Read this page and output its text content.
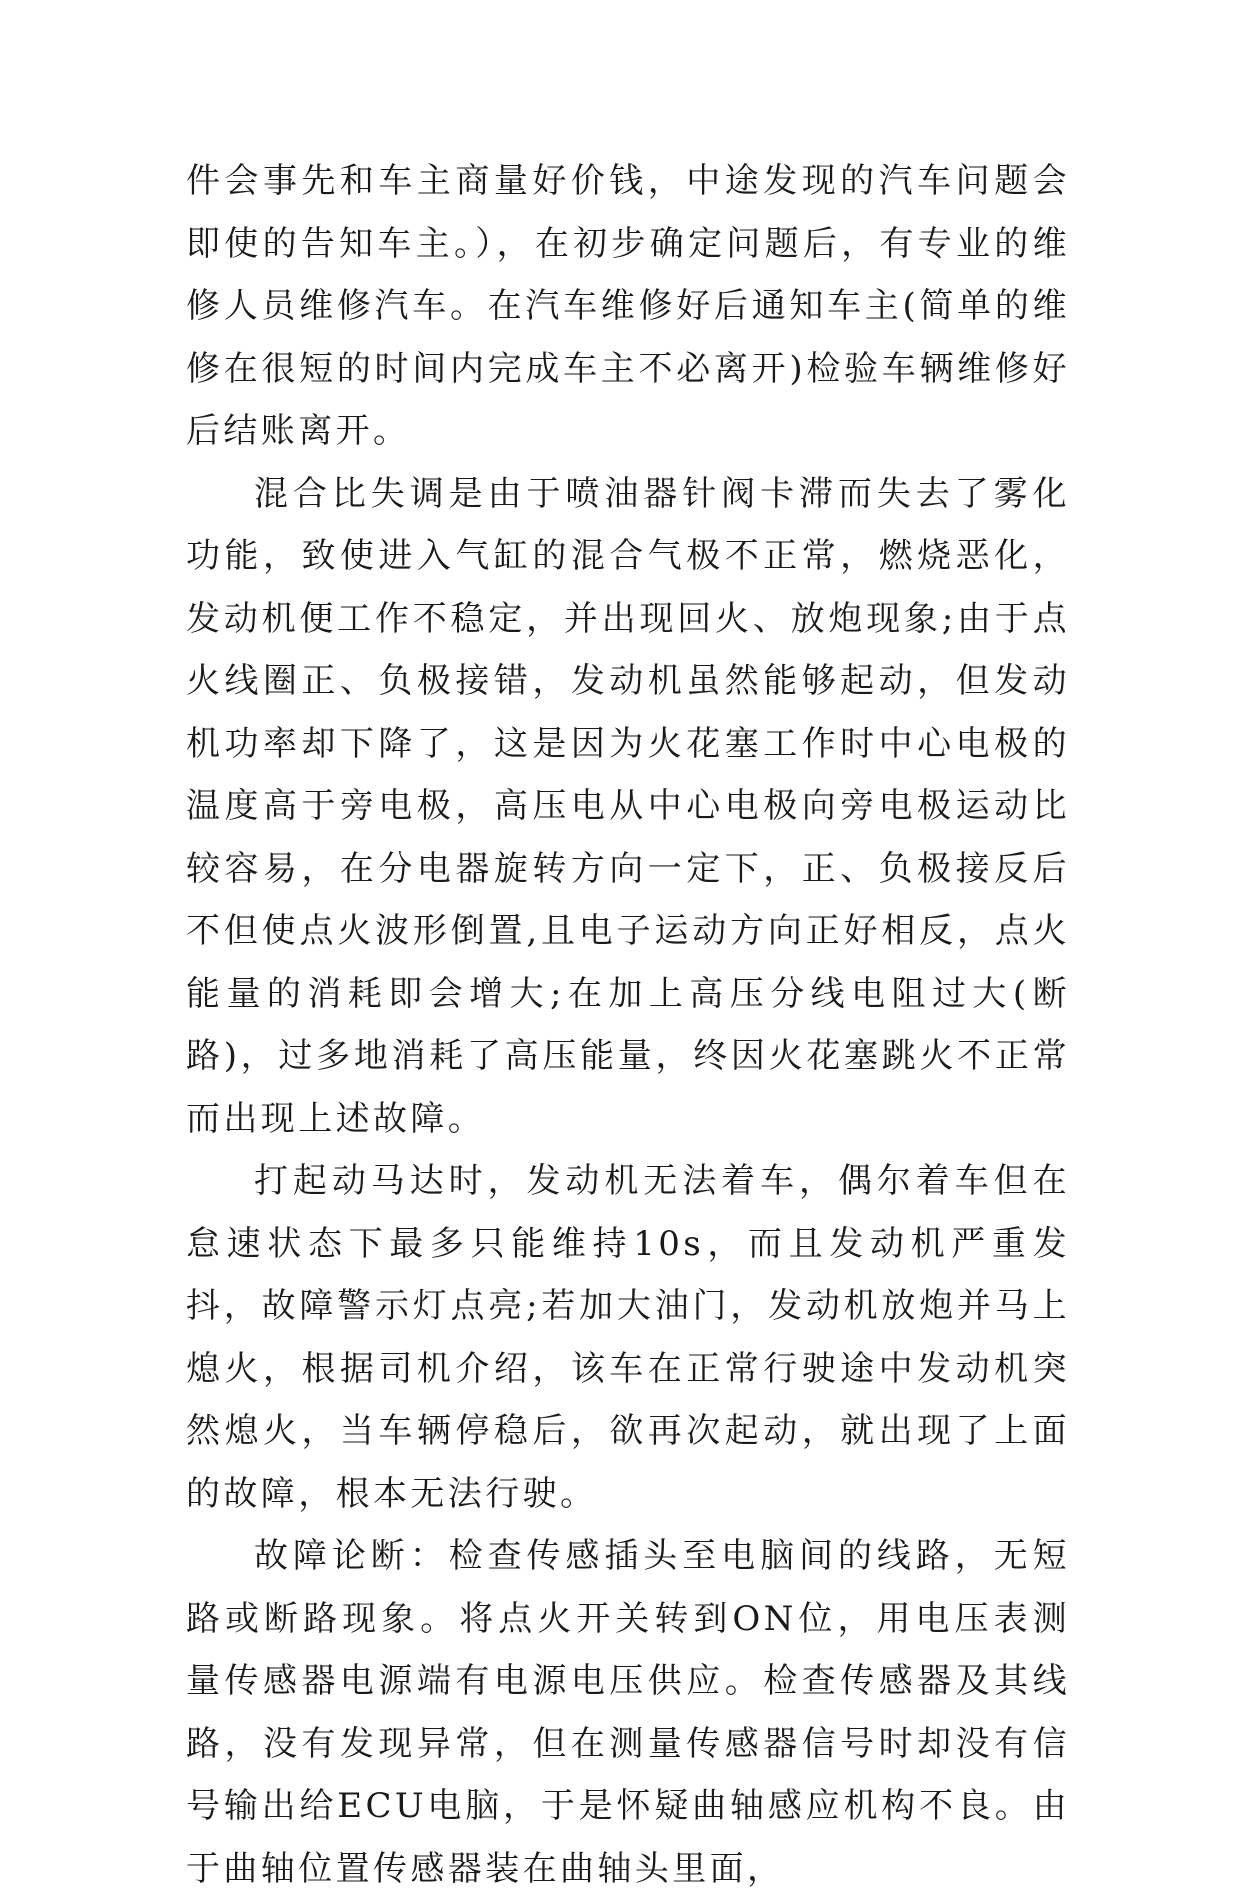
件会事先和车主商量好价钱，中途发现的汽车问题会即使的告知车主。），在初步确定问题后，有专业的维修人员维修汽车。在汽车维修好后通知车主(简单的维修在很短的时间内完成车主不必离开)检验车辆维修好后结账离开。

混合比失调是由于喷油器针阀卡滞而失去了雾化功能，致使进入气缸的混合气极不正常，燃烧恶化，发动机便工作不稳定，并出现回火、放炮现象;由于点火线圈正、负极接错，发动机虽然能够起动，但发动机功率却下降了，这是因为火花塞工作时中心电极的温度高于旁电极，高压电从中心电极向旁电极运动比较容易，在分电器旋转方向一定下，正、负极接反后不但使点火波形倒置,且电子运动方向正好相反，点火能量的消耗即会增大;在加上高压分线电阻过大(断路)，过多地消耗了高压能量，终因火花塞跳火不正常而出现上述故障。

打起动马达时，发动机无法着车，偶尔着车但在怠速状态下最多只能维持10s，而且发动机严重发抖，故障警示灯点亮;若加大油门，发动机放炮并马上熄火，根据司机介绍，该车在正常行驶途中发动机突然熄火，当车辆停稳后，欲再次起动，就出现了上面的故障，根本无法行驶。

故障论断：检查传感插头至电脑间的线路，无短路或断路现象。将点火开关转到ON位，用电压表测量传感器电源端有电源电压供应。检查传感器及其线路，没有发现异常，但在测量传感器信号时却没有信号输出给ECU电脑，于是怀疑曲轴感应机构不良。由于曲轴位置传感器装在曲轴头里面，
